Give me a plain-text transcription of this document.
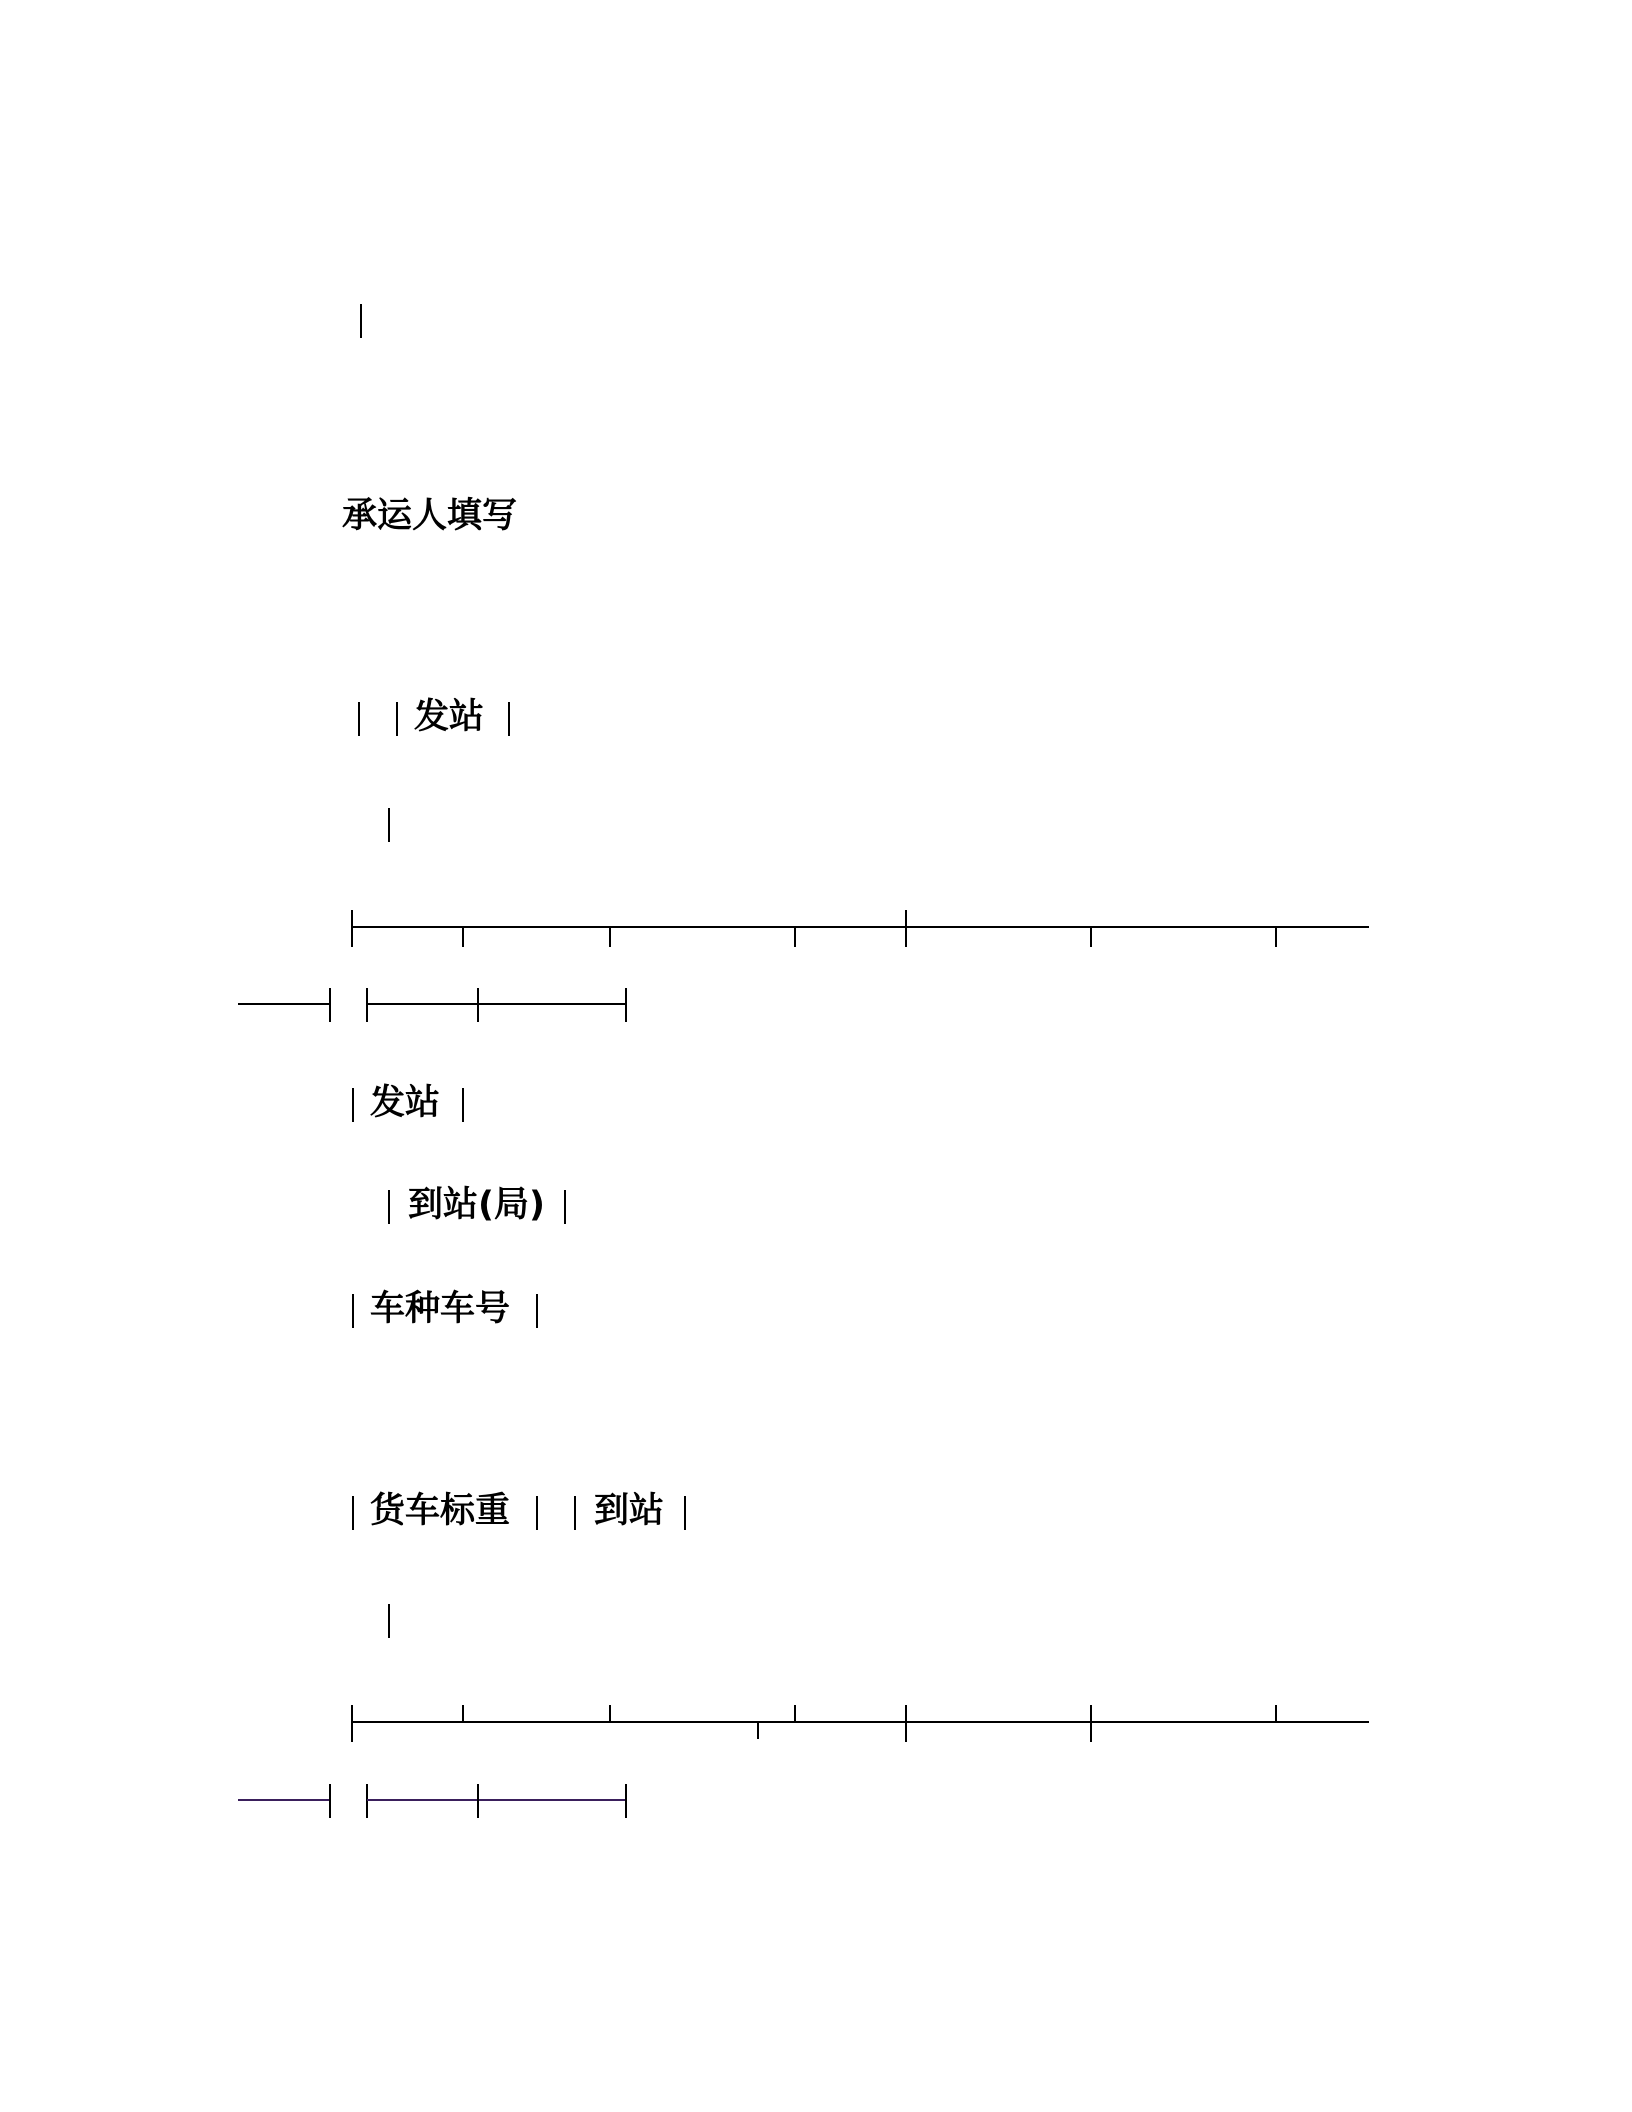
承运人填写
发站
发站
到站(局)
车种车号
货车标重 到站
